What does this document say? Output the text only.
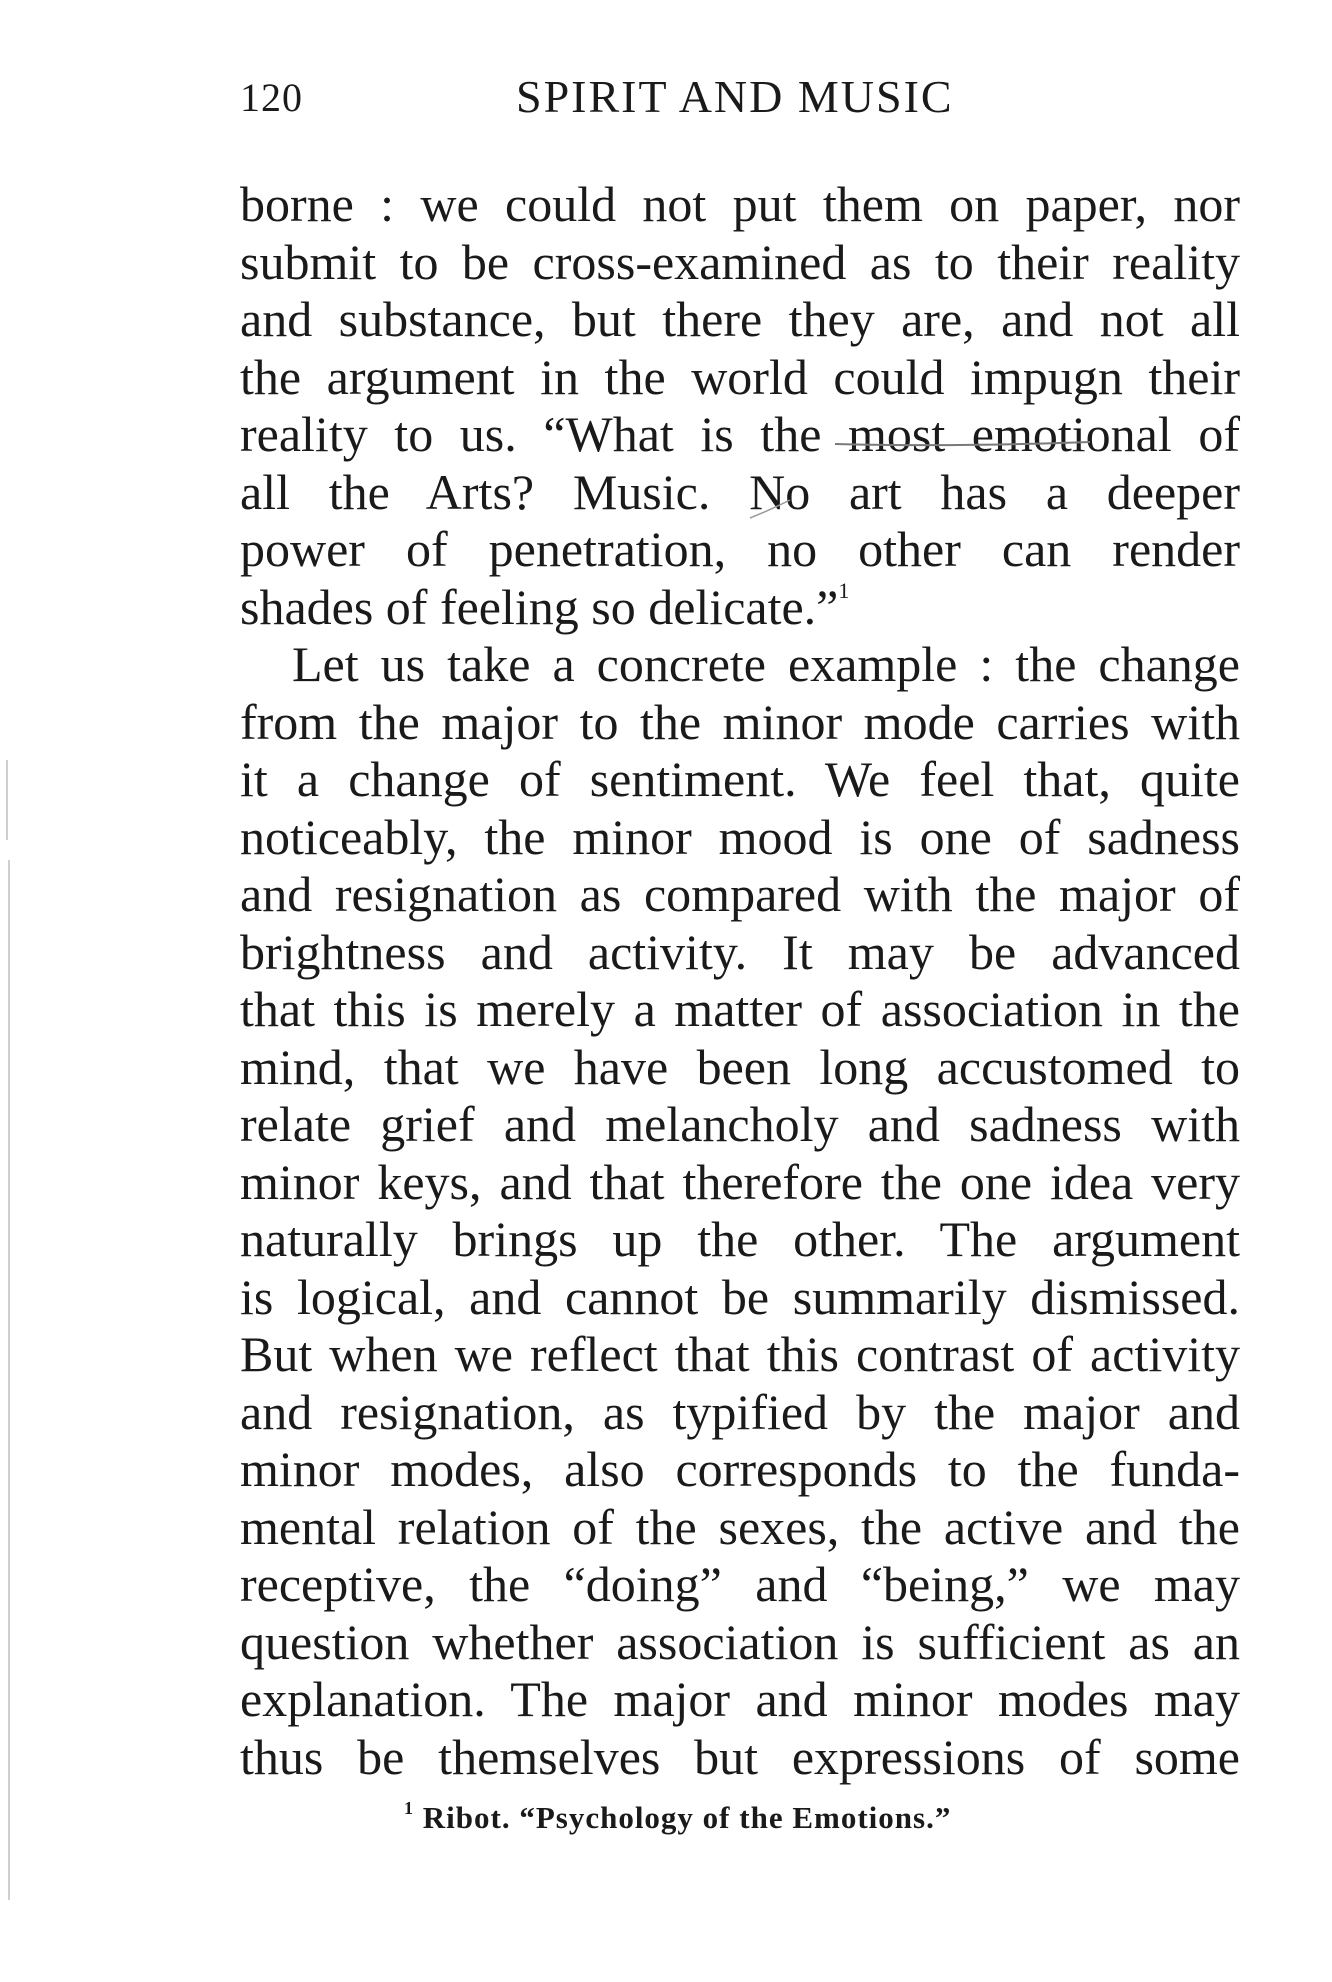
120	SPIRIT AND MUSIC
borne : we could not put them on paper, nor
submit to be cross-examined as to their reality
and substance, but there they are, and not all
the argument in the world could impugn their
reality to us. “What is the most emotional of
all the Arts? Music. No art has a deeper
power of penetration, no other can render
shades of feeling so delicate.”$^1$
Let us take a concrete example : the change
from the major to the minor mode carries with
it a change of sentiment. We feel that, quite
noticeably, the minor mood is one of sadness
and resignation as compared with the major of
brightness and activity. It may be advanced
that this is merely a matter of association in the
mind, that we have been long accustomed to
relate grief and melancholy and sadness with
minor keys, and that therefore the one idea very
naturally brings up the other. The argument
is logical, and cannot be summarily dismissed.
But when we reflect that this contrast of activity
and resignation, as typified by the major and
minor modes, also corresponds to the funda-
mental relation of the sexes, the active and the
receptive, the “doing” and “being,” we may
question whether association is sufficient as an
explanation. The major and minor modes may
thus be themselves but expressions of some
$^1$ Ribot. “Psychology of the Emotions.”
